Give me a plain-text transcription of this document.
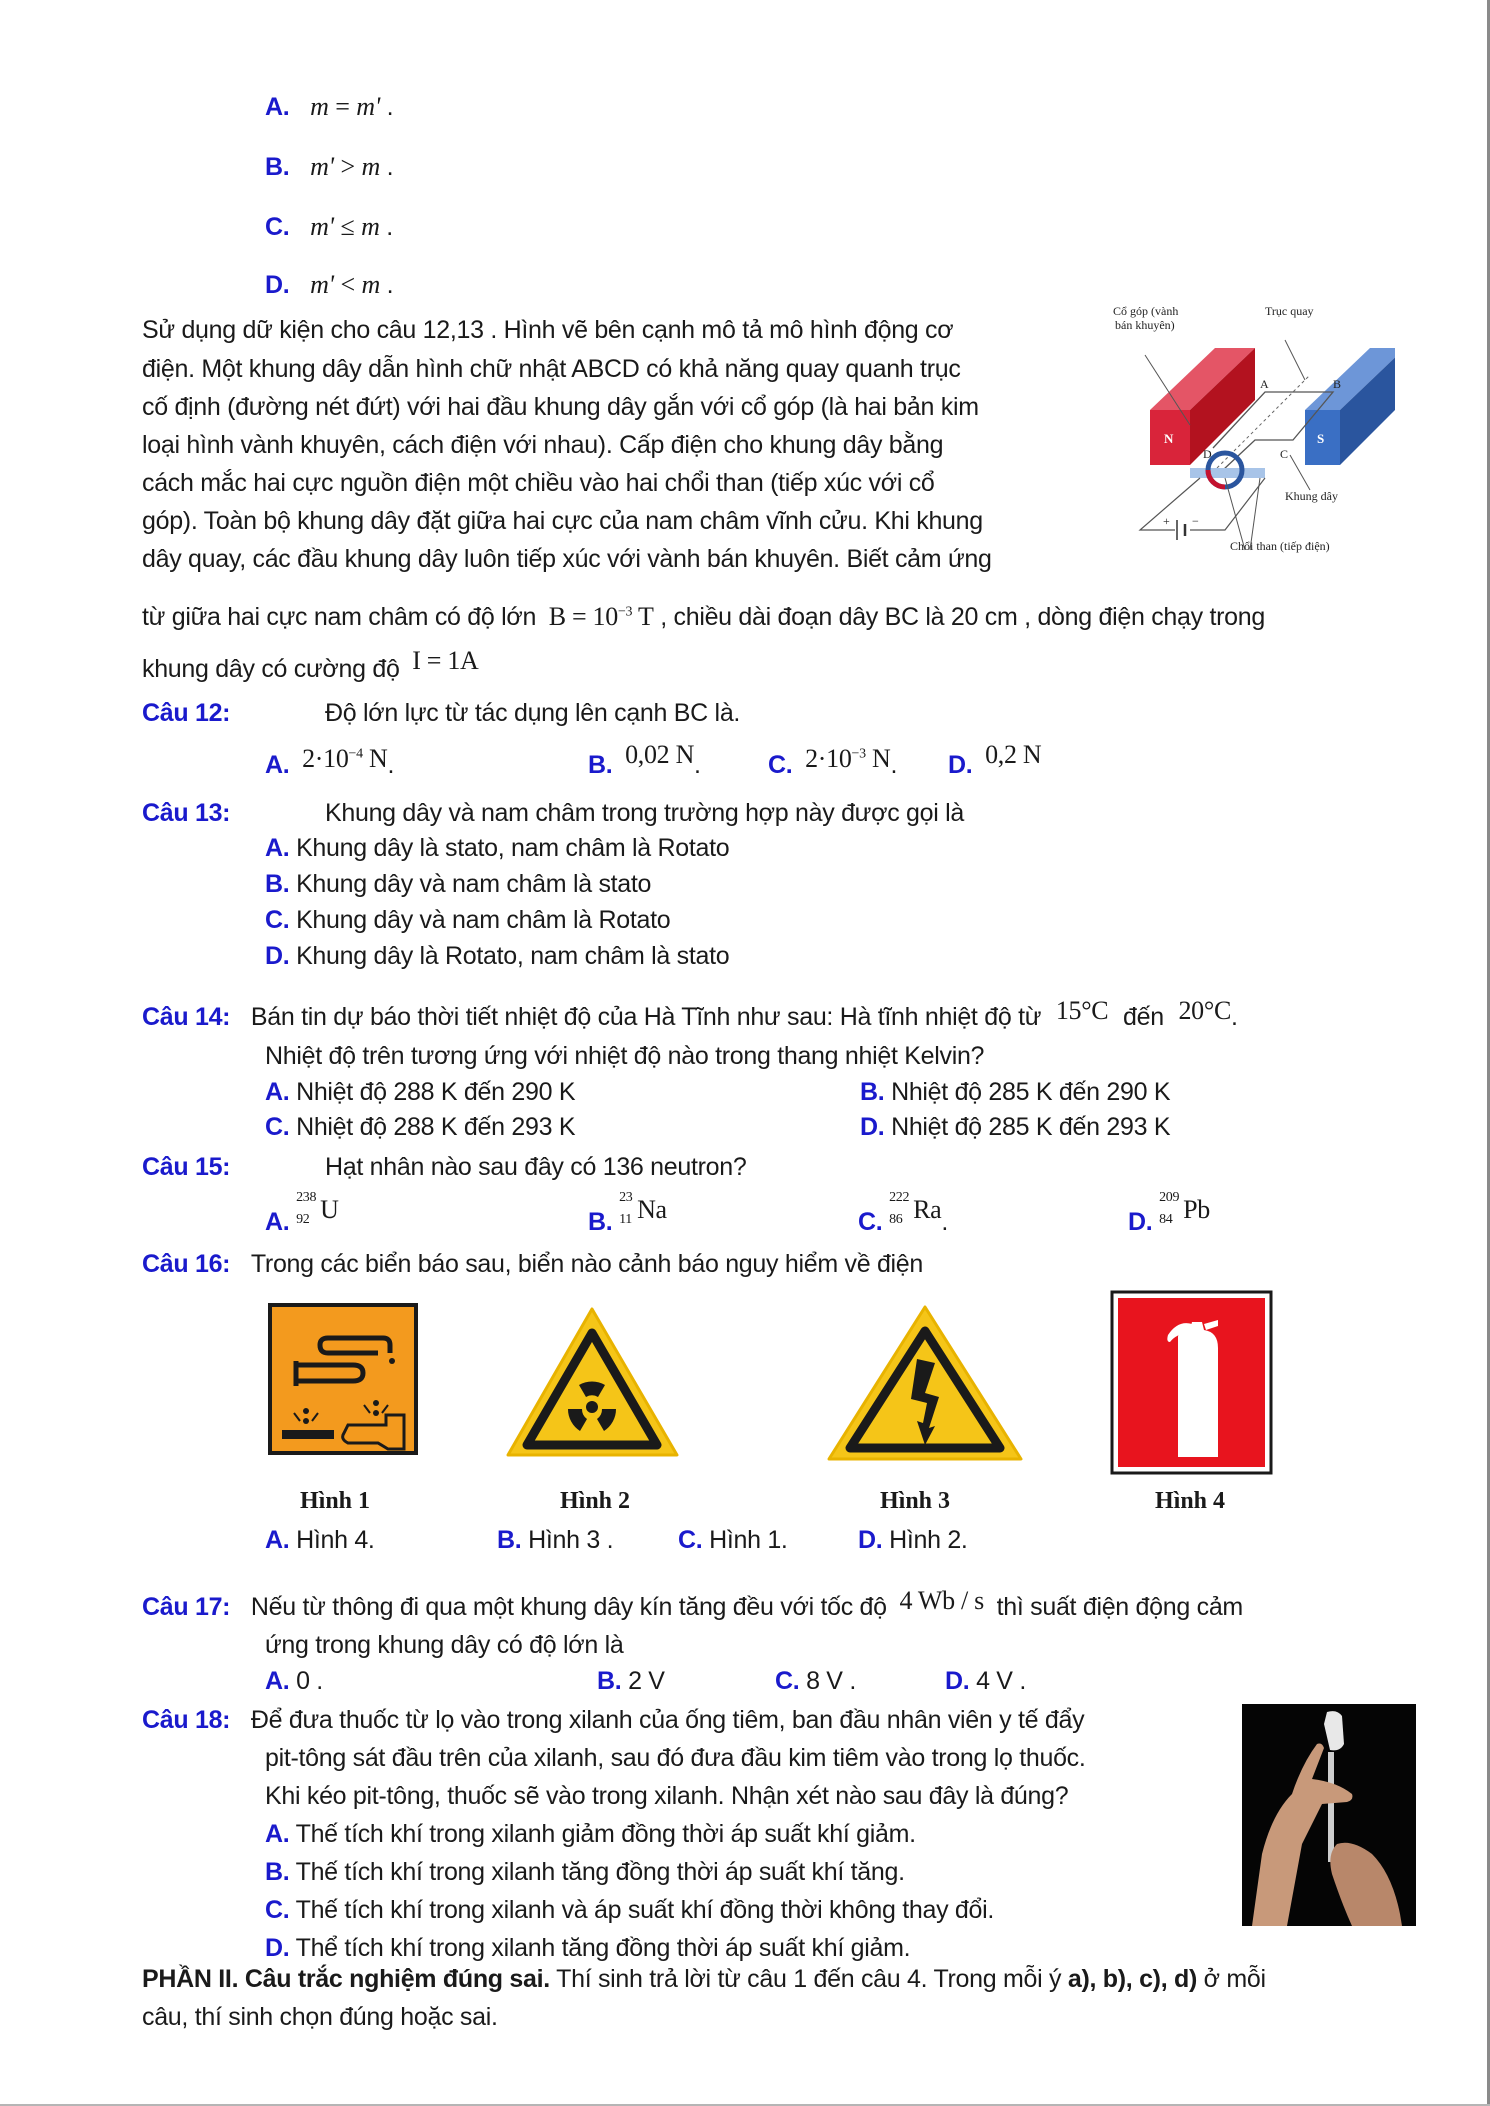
A. m = m' .
B. m' > m .
C. m' ≤ m .
D. m' < m .
Sử dụng dữ kiện cho câu 12,13 . Hình vẽ bên cạnh mô tả mô hình động cơ
điện. Một khung dây dẫn hình chữ nhật ABCD có khả năng quay quanh trục
cố định (đường nét đứt) với hai đầu khung dây gắn với cổ góp (là hai bản kim
loại hình vành khuyên, cách điện với nhau). Cấp điện cho khung dây bằng
cách mắc hai cực nguồn điện một chiều vào hai chổi than (tiếp xúc với cổ
góp). Toàn bộ khung dây đặt giữa hai cực của nam châm vĩnh cửu. Khi khung
dây quay, các đầu khung dây luôn tiếp xúc với vành bán khuyên. Biết cảm ứng
từ giữa hai cực nam châm có độ lớn $B = 10^{-3}$ T , chiều dài đoạn dây BC là 20 cm , dòng điện chạy trong
khung dây có cường độ I = 1A
Cổ góp (vành
bán khuyên)
Trục quay
A	B
C
D
Khung dây
Chổi than (tiếp điện)
+ −
N	S
Câu 12:	Độ lớn lực từ tác dụng lên cạnh BC là.
A. $2\cdot 10^{-4}$ N.	B. 0,02 N.	C. $2\cdot 10^{-3}$ N. D. 0,2 N
Câu 13:	Khung dây và nam châm trong trường hợp này được gọi là
A. Khung dây là stato, nam châm là Rotato
B. Khung dây và nam châm là stato
C. Khung dây và nam châm là Rotato
D. Khung dây là Rotato, nam châm là stato
Câu 14: Bán tin dự báo thời tiết nhiệt độ của Hà Tĩnh như sau: Hà tĩnh nhiệt độ từ 15°C đến 20°C.
Nhiệt độ trên tương ứng với nhiệt độ nào trong thang nhiệt Kelvin?
A. Nhiệt độ 288 K đến 290 K	B. Nhiệt độ 285 K đến 290 K
C. Nhiệt độ 288 K đến 293 K	D. Nhiệt độ 285 K đến 293 K
Câu 15:	Hạt nhân nào sau đây có 136 neutron?
A.
238
92 U	B.
23
11 Na	C.
222
86 Ra.	D.
209
84 Pb
Câu 16: Trong các biển báo sau, biển nào cảnh báo nguy hiểm về điện
Hình 1	Hình 2	Hình 3	Hình 4
A. Hình 4.	B. Hình 3 .	C. Hình 1.	D. Hình 2.
Câu 17: Nếu từ thông đi qua một khung dây kín tăng đều với tốc độ 4 Wb / s thì suất điện động cảm
ứng trong khung dây có độ lớn là
A. 0 .	B. 2 V	C. 8 V .	D. 4 V .
Câu 18: Để đưa thuốc từ lọ vào trong xilanh của ống tiêm, ban đầu nhân viên y tế đẩy
pit-tông sát đầu trên của xilanh, sau đó đưa đầu kim tiêm vào trong lọ thuốc.
Khi kéo pit-tông, thuốc sẽ vào trong xilanh. Nhận xét nào sau đây là đúng?
A. Thế tích khí trong xilanh giảm đồng thời áp suất khí giảm.
B. Thế tích khí trong xilanh tăng đồng thời áp suất khí tăng.
C. Thế tích khí trong xilanh và áp suất khí đồng thời không thay đổi.
D. Thể tích khí trong xilanh tăng đồng thời áp suất khí giảm.
PHẦN II. Câu trắc nghiệm đúng sai. Thí sinh trả lời từ câu 1 đến câu 4. Trong mỗi ý a), b), c), d) ở mỗi
câu, thí sinh chọn đúng hoặc sai.
